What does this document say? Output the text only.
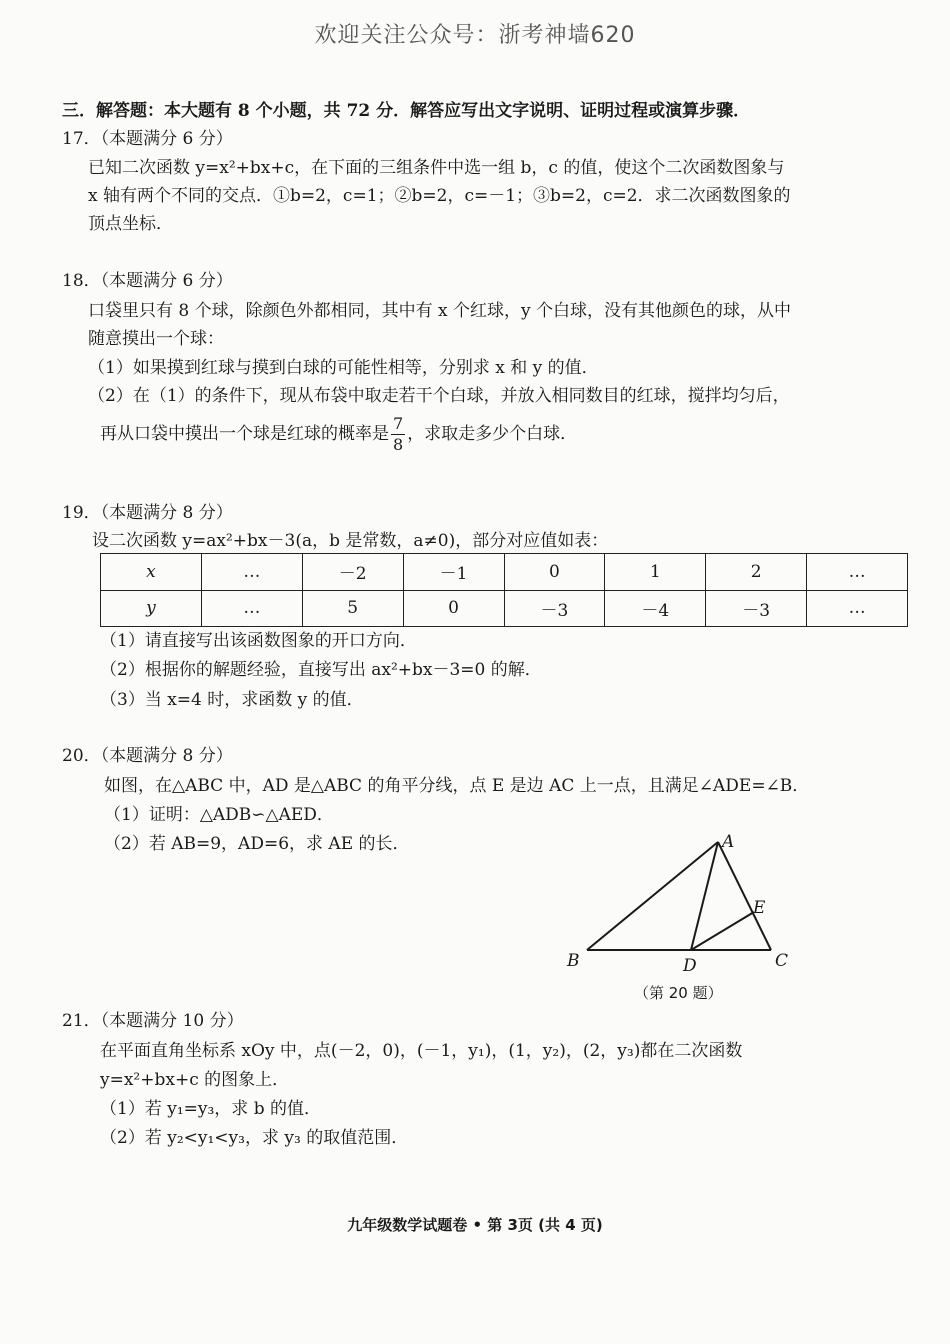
欢迎关注公众号：浙考神墙620
三．解答题：本大题有 8 个小题，共 72 分．解答应写出文字说明、证明过程或演算步骤．
17．（本题满分 6 分）
已知二次函数 y=x²+bx+c，在下面的三组条件中选一组 b，c 的值，使这个二次函数图象与
x 轴有两个不同的交点．①b=2，c=1；②b=2，c=－1；③b=2，c=2．求二次函数图象的
顶点坐标．
18．（本题满分 6 分）
口袋里只有 8 个球，除颜色外都相同，其中有 x 个红球，y 个白球，没有其他颜色的球，从中
随意摸出一个球：
（1）如果摸到红球与摸到白球的可能性相等，分别求 x 和 y 的值．
（2）在（1）的条件下，现从布袋中取走若干个白球，并放入相同数目的红球，搅拌均匀后，
再从口袋中摸出一个球是红球的概率是 $\frac{7}{8}$ ，求取走多少个白球．
19．（本题满分 8 分）
设二次函数 y=ax²+bx－3(a，b 是常数，a≠0)，部分对应值如表：
x	…	－2	－1	0	1	2	…
y	…	5	0	－3	－4	－3	…
（1）请直接写出该函数图象的开口方向．
（2）根据你的解题经验，直接写出 ax²+bx－3=0 的解．
（3）当 x=4 时，求函数 y 的值．
20．（本题满分 8 分）
如图，在△ABC 中，AD 是△ABC 的角平分线，点 E 是边 AC 上一点，且满足∠ADE=∠B．
（1）证明：△ADB∽△AED．
（2）若 AB=9，AD=6，求 AE 的长．	A
B	C
D
E
（第 20 题）
21．（本题满分 10 分）
在平面直角坐标系 xOy 中，点(－2，0)，(－1，y₁)，(1，y₂)，(2，y₃)都在二次函数
y=x²+bx+c 的图象上．
（1）若 y₁=y₃，求 b 的值．
（2）若 y₂<y₁<y₃，求 y₃ 的取值范围．
九年级数学试题卷 • 第 3页 (共 4 页)
